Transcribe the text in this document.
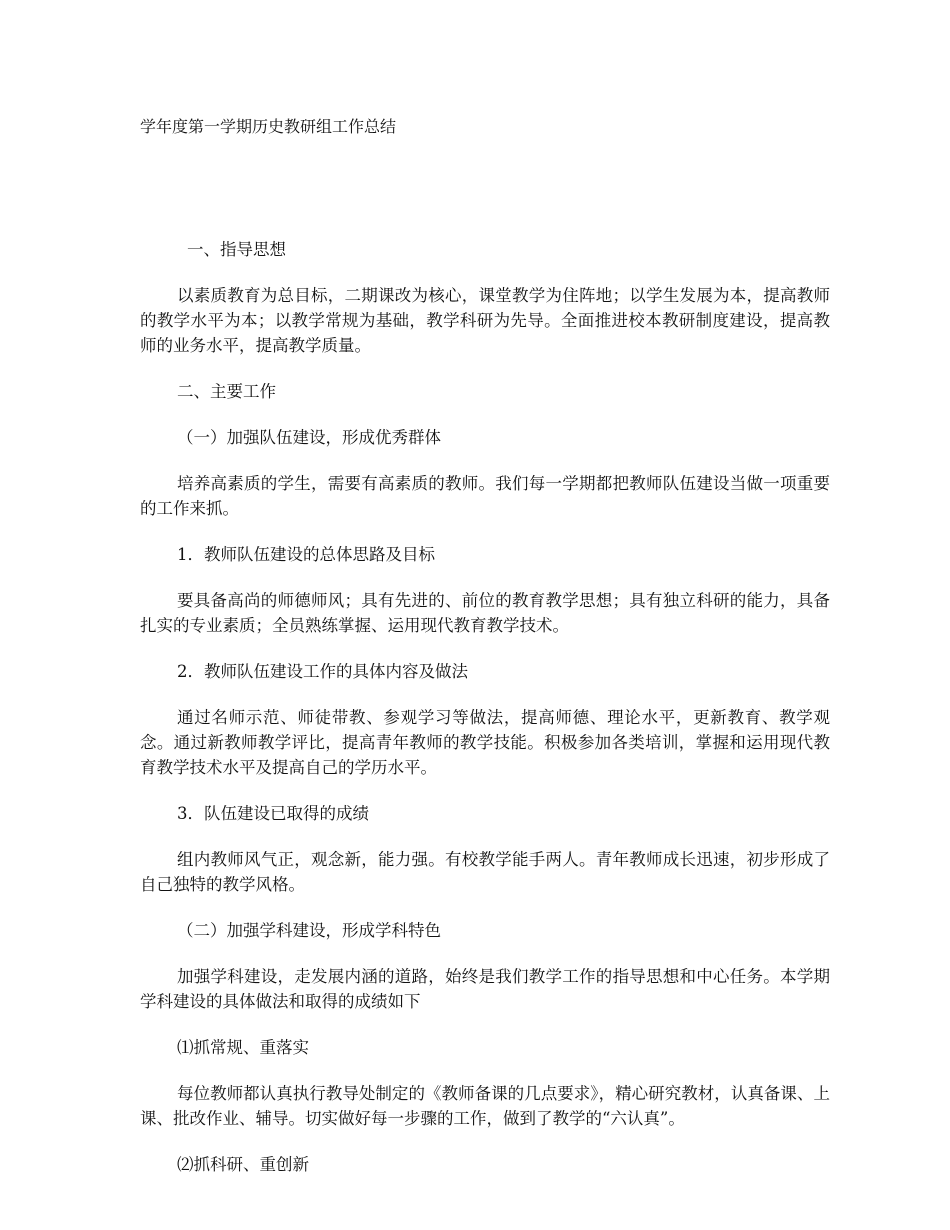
学年度第一学期历史教研组工作总结

一、指导思想

以素质教育为总目标，二期课改为核心，课堂教学为住阵地；以学生发展为本，提高教师的教学水平为本；以教学常规为基础，教学科研为先导。全面推进校本教研制度建设，提高教师的业务水平，提高教学质量。

二、主要工作

（一）加强队伍建设，形成优秀群体

培养高素质的学生，需要有高素质的教师。我们每一学期都把教师队伍建设当做一项重要的工作来抓。

1．教师队伍建设的总体思路及目标

要具备高尚的师德师风；具有先进的、前位的教育教学思想；具有独立科研的能力，具备扎实的专业素质；全员熟练掌握、运用现代教育教学技术。

2．教师队伍建设工作的具体内容及做法

通过名师示范、师徒带教、参观学习等做法，提高师德、理论水平，更新教育、教学观念。通过新教师教学评比，提高青年教师的教学技能。积极参加各类培训，掌握和运用现代教育教学技术水平及提高自己的学历水平。

3．队伍建设已取得的成绩

组内教师风气正，观念新，能力强。有校教学能手两人。青年教师成长迅速，初步形成了自己独特的教学风格。

（二）加强学科建设，形成学科特色

加强学科建设，走发展内涵的道路，始终是我们教学工作的指导思想和中心任务。本学期学科建设的具体做法和取得的成绩如下

⑴抓常规、重落实

每位教师都认真执行教导处制定的《教师备课的几点要求》，精心研究教材，认真备课、上课、批改作业、辅导。切实做好每一步骤的工作，做到了教学的“六认真”。

⑵抓科研、重创新
